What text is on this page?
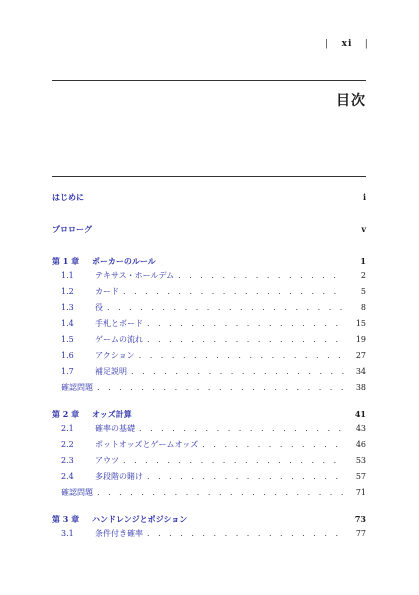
| xi |
目次
はじめに	i
プロローグ	v
第 1 章	ポーカーのルール	1
1.1	テキサス・ホールデム . . .	2
1.2	カード . . .	5
1.3	役 . . .	8
1.4	手札とボード . . .	15
1.5	ゲームの流れ . . .	19
1.6	アクション . . .	27
1.7	補足説明 . . .	34
確認問題 . . .	38
第 2 章	オッズ計算	41
2.1	確率の基礎 . . .	43
2.2	ポットオッズとゲームオッズ . . .	46
2.3	アウツ . . .	53
2.4	多段階の賭け . . .	57
確認問題 . . .	71
第 3 章	ハンドレンジとポジション	73
3.1	条件付き確率 . . .	77
